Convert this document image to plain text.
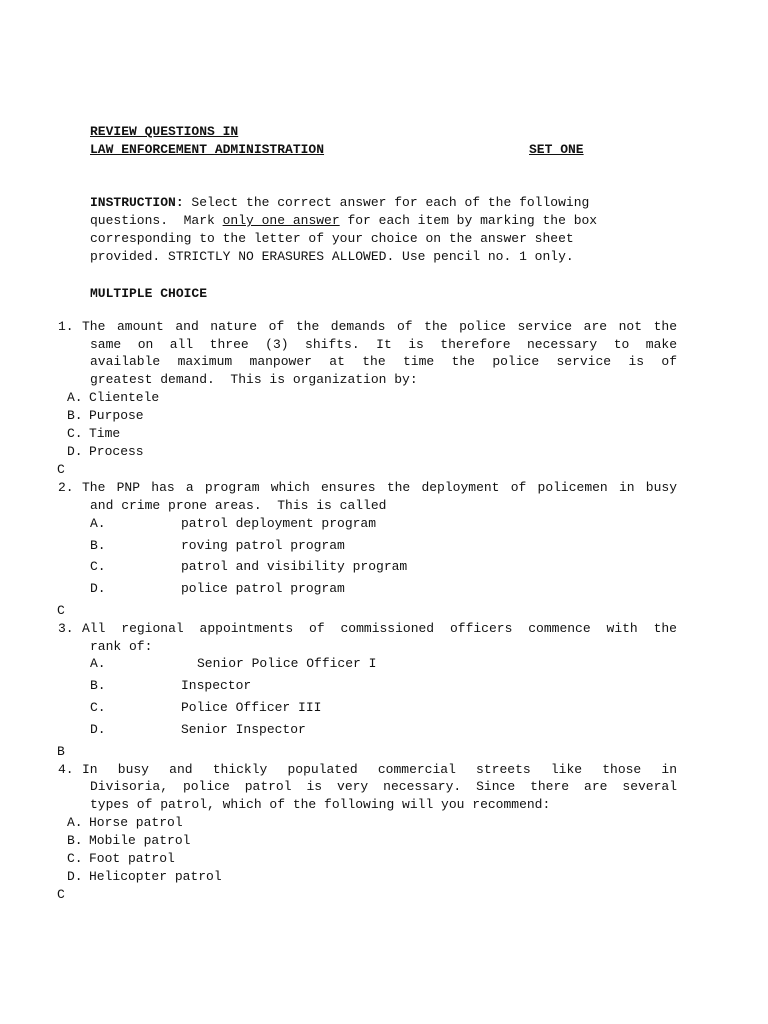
REVIEW QUESTIONS IN
LAW ENFORCEMENT ADMINISTRATION	SET ONE
INSTRUCTION: Select the correct answer for each of the following
questions.  Mark only one answer for each item by marking the box
corresponding to the letter of your choice on the answer sheet
provided. STRICTLY NO ERASURES ALLOWED. Use pencil no. 1 only.
MULTIPLE CHOICE
1. The amount and nature of the demands of the police service are not the
same on all three (3) shifts. It is therefore necessary to make
available maximum manpower at the time the police service is of
greatest demand.  This is organization by:
A. Clientele
B. Purpose
C. Time
D. Process
C
2. The PNP has a program which ensures the deployment of policemen in busy
and crime prone areas.  This is called
A.	patrol deployment program
B.	roving patrol program
C.	patrol and visibility program
D.	police patrol program
C
3. All regional appointments of commissioned officers commence with the
rank of:
A.	Senior Police Officer I
B.	Inspector
C.	Police Officer III
D.	Senior Inspector
B
4. In busy and thickly populated commercial streets like those in
Divisoria, police patrol is very necessary. Since there are several
types of patrol, which of the following will you recommend:
A. Horse patrol
B. Mobile patrol
C. Foot patrol
D. Helicopter patrol
C
